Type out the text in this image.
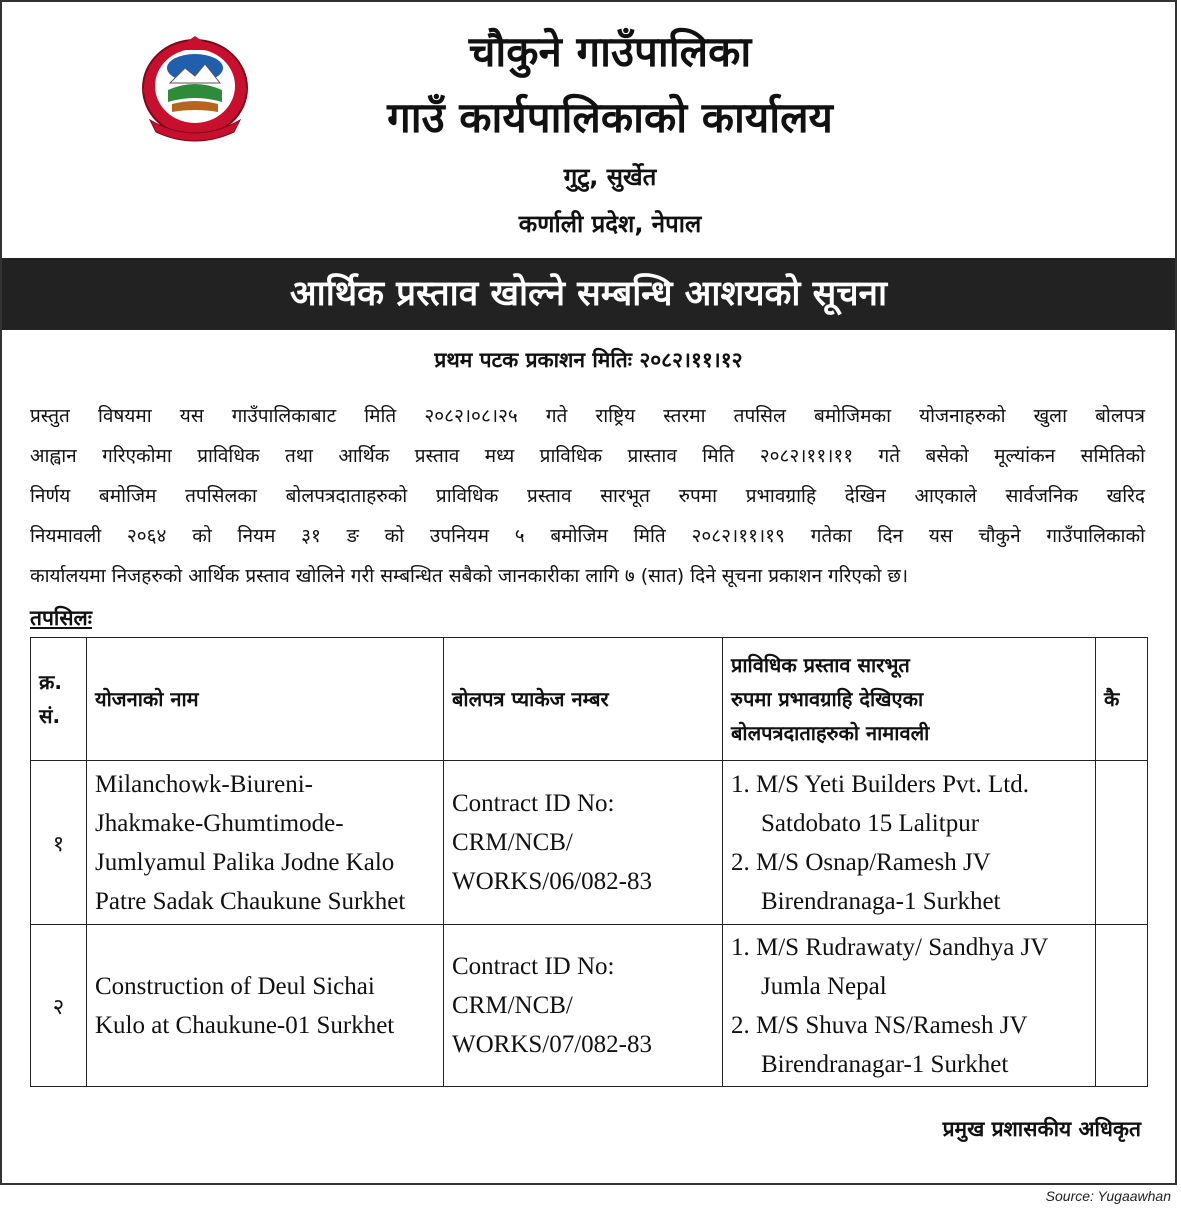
चौकुने गाउँपालिका
गाउँ कार्यपालिकाको कार्यालय
गुटु, सुर्खेत
कर्णाली प्रदेश, नेपाल
आर्थिक प्रस्ताव खोल्ने सम्बन्धि आशयको सूचना
प्रथम पटक प्रकाशन मितिः २०८२।११।१२
प्रस्तुत विषयमा यस गाउँपालिकाबाट मिति २०८२।०८।२५ गते राष्ट्रिय स्तरमा तपसिल बमोजिमका योजनाहरुको खुला बोलपत्र
आह्वान गरिएकोमा प्राविधिक तथा आर्थिक प्रस्ताव मध्य प्राविधिक प्रास्ताव मिति २०८२।११।११ गते बसेको मूल्यांकन समितिको
निर्णय बमोजिम तपसिलका बोलपत्रदाताहरुको प्राविधिक प्रस्ताव सारभूत रुपमा प्रभावग्राहि देखिन आएकाले सार्वजनिक खरिद
नियमावली २०६४ को नियम ३१ ङ को उपनियम ५ बमोजिम मिति २०८२।११।१९ गतेका दिन यस चौकुने गाउँपालिकाको
कार्यालयमा निजहरुको आर्थिक प्रस्ताव खोलिने गरी सम्बन्धित सबैको जानकारीका लागि ७ (सात) दिने सूचना प्रकाशन गरिएको छ।
तपसिलः
क्र.
सं.	योजनाको नाम	बोलपत्र प्याकेज नम्बर	प्राविधिक प्रस्ताव सारभूत
रुपमा प्रभावग्राहि देखिएका
बोलपत्रदाताहरुको नामावली	कै
१	Milanchowk-Biureni-
Jhakmake-Ghumtimode-
Jumlyamul Palika Jodne Kalo
Patre Sadak Chaukune Surkhet	Contract ID No:
CRM/NCB/
WORKS/06/082-83	1. M/S Yeti Builders Pvt. Ltd.
Satdobato 15 Lalitpur
2. M/S Osnap/Ramesh JV
Birendranaga-1 Surkhet	

२	Construction of Deul Sichai
Kulo at Chaukune-01 Surkhet	Contract ID No:
CRM/NCB/
WORKS/07/082-83	1. M/S Rudrawaty/ Sandhya JV
Jumla Nepal
2. M/S Shuva NS/Ramesh JV
Birendranagar-1 Surkhet	

प्रमुख प्रशासकीय अधिकृत
Source: Yugaawhan
